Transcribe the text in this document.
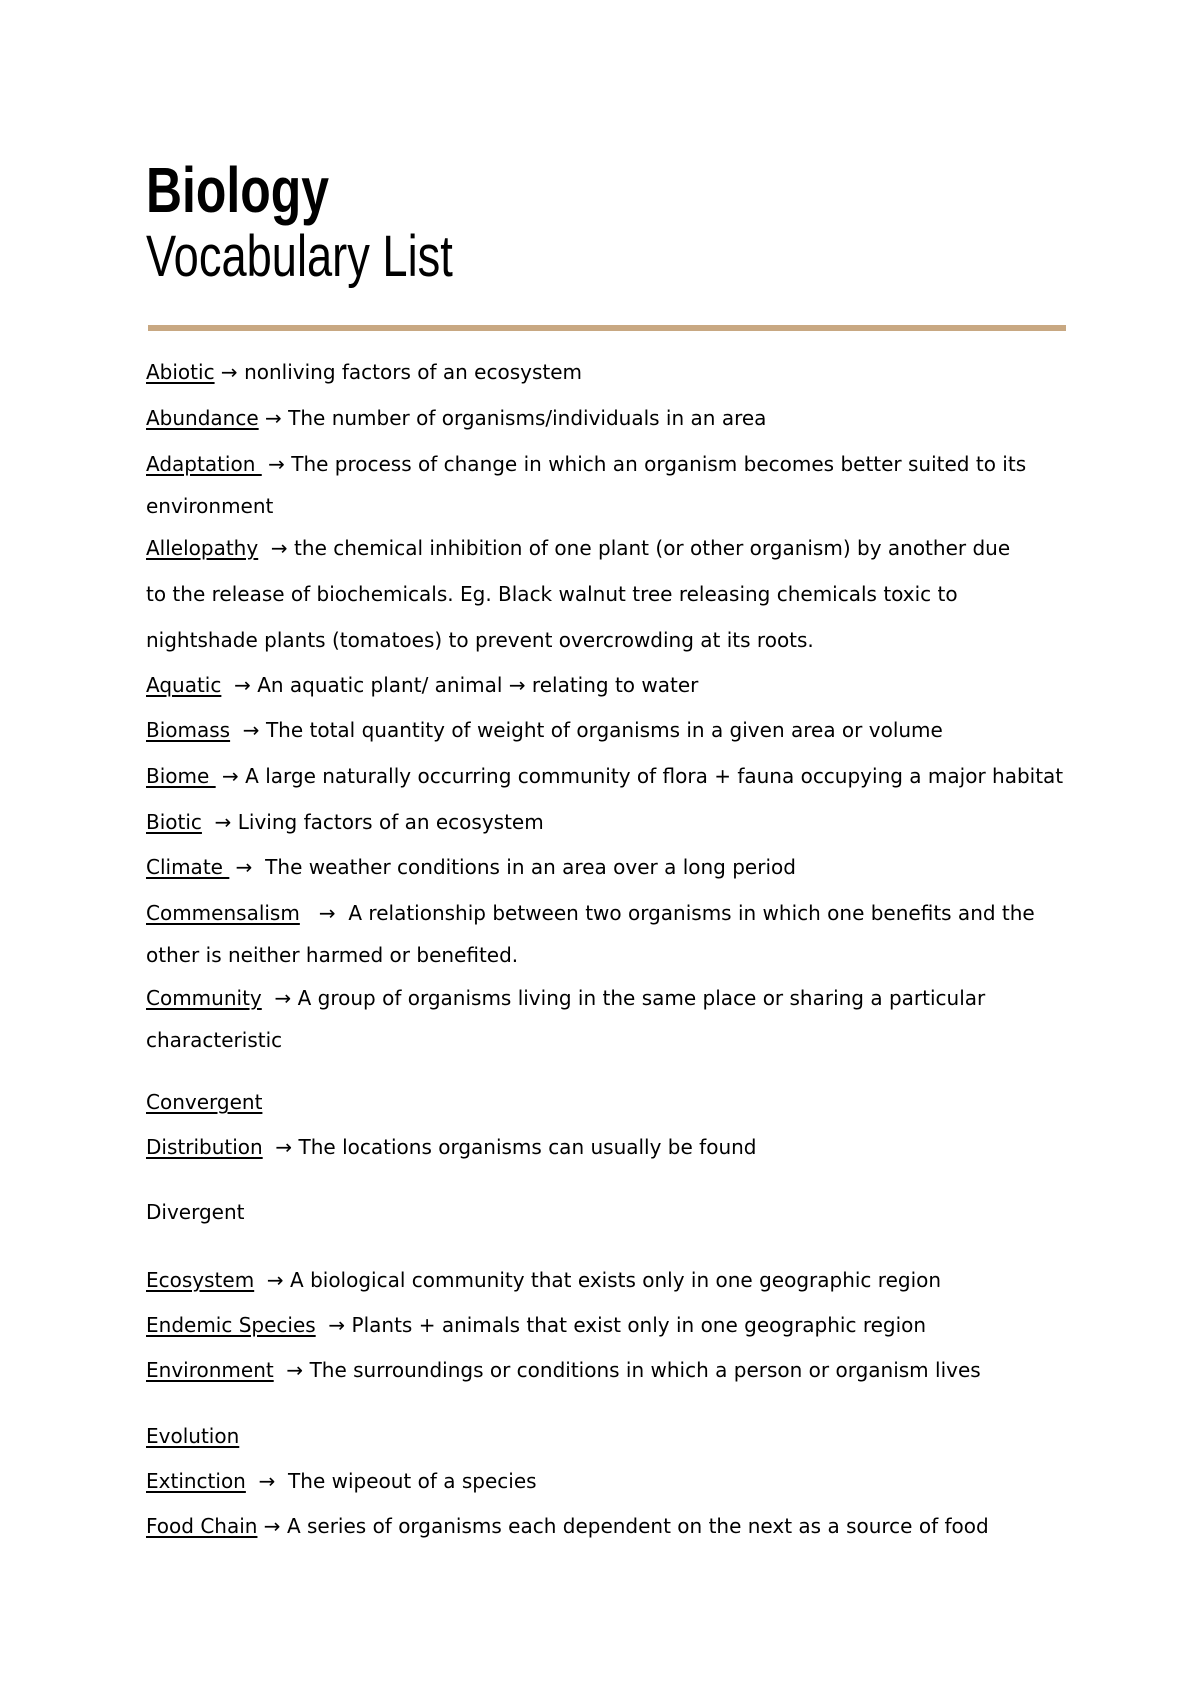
Biology
Vocabulary List
Abiotic → nonliving factors of an ecosystem
Abundance → The number of organisms/individuals in an area
Adaptation  → The process of change in which an organism becomes better suited to its
environment
Allelopathy  → the chemical inhibition of one plant (or other organism) by another due
to the release of biochemicals. Eg. Black walnut tree releasing chemicals toxic to
nightshade plants (tomatoes) to prevent overcrowding at its roots.
Aquatic  → An aquatic plant/ animal → relating to water
Biomass  → The total quantity of weight of organisms in a given area or volume
Biome  → A large naturally occurring community of flora + fauna occupying a major habitat
Biotic  → Living factors of an ecosystem
Climate  →  The weather conditions in an area over a long period
Commensalism   →  A relationship between two organisms in which one benefits and the
other is neither harmed or benefited.
Community  → A group of organisms living in the same place or sharing a particular
characteristic
Convergent
Distribution  → The locations organisms can usually be found
Divergent
Ecosystem  → A biological community that exists only in one geographic region
Endemic Species  → Plants + animals that exist only in one geographic region
Environment  → The surroundings or conditions in which a person or organism lives
Evolution
Extinction  →  The wipeout of a species
Food Chain → A series of organisms each dependent on the next as a source of food
